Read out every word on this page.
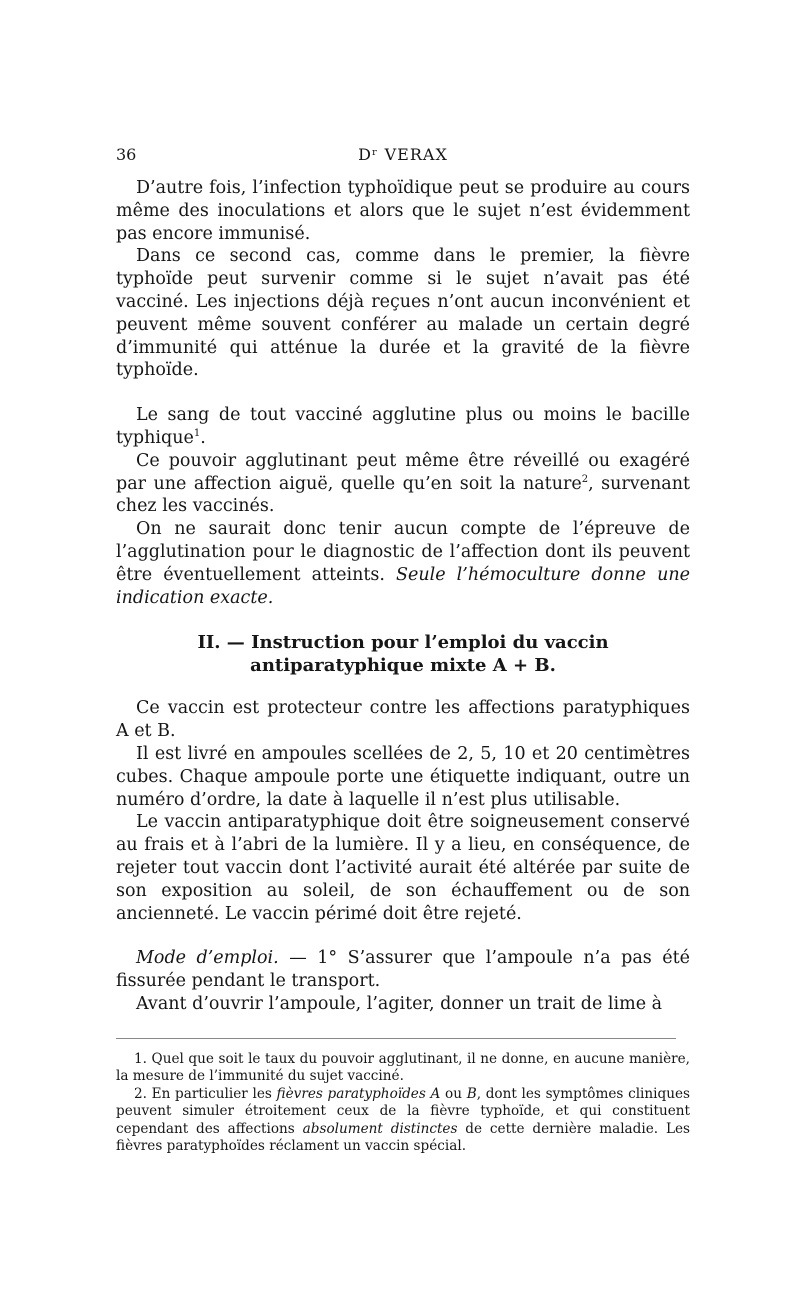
36	Dʳ VERAX

D’autre fois, l’infection typhoïdique peut se produire au cours même des inoculations et alors que le sujet n’est évidemment pas encore immunisé.

Dans ce second cas, comme dans le premier, la fièvre typhoïde peut survenir comme si le sujet n’avait pas été vacciné. Les injections déjà reçues n’ont aucun inconvénient et peuvent même souvent conférer au malade un certain degré d’immunité qui atténue la durée et la gravité de la fièvre typhoïde.

Le sang de tout vacciné agglutine plus ou moins le bacille typhique$^1$.

Ce pouvoir agglutinant peut même être réveillé ou exagéré par une affection aiguë, quelle qu’en soit la nature$^2$, survenant chez les vaccinés.

On ne saurait donc tenir aucun compte de l’épreuve de l’agglutination pour le diagnostic de l’affection dont ils peuvent être éventuellement atteints. Seule l’hémoculture donne une indication exacte.

II. — Instruction pour l’emploi du vaccin
antiparatyphique mixte A + B.

Ce vaccin est protecteur contre les affections paratyphiques A et B.

Il est livré en ampoules scellées de 2, 5, 10 et 20 centimètres cubes. Chaque ampoule porte une étiquette indiquant, outre un numéro d’ordre, la date à laquelle il n’est plus utilisable.

Le vaccin antiparatyphique doit être soigneusement conservé au frais et à l’abri de la lumière. Il y a lieu, en conséquence, de rejeter tout vaccin dont l’activité aurait été altérée par suite de son exposition au soleil, de son échauffement ou de son ancienneté. Le vaccin périmé doit être rejeté.

Mode d’emploi. — 1° S’assurer que l’ampoule n’a pas été fissurée pendant le transport.

Avant d’ouvrir l’ampoule, l’agiter, donner un trait de lime à

1. Quel que soit le taux du pouvoir agglutinant, il ne donne, en aucune manière, la mesure de l’immunité du sujet vacciné.

2. En particulier les fièvres paratyphoïdes A ou B, dont les symptômes cliniques peuvent simuler étroitement ceux de la fièvre typhoïde, et qui constituent cependant des affections absolument distinctes de cette dernière maladie. Les fièvres paratyphoïdes réclament un vaccin spécial.
